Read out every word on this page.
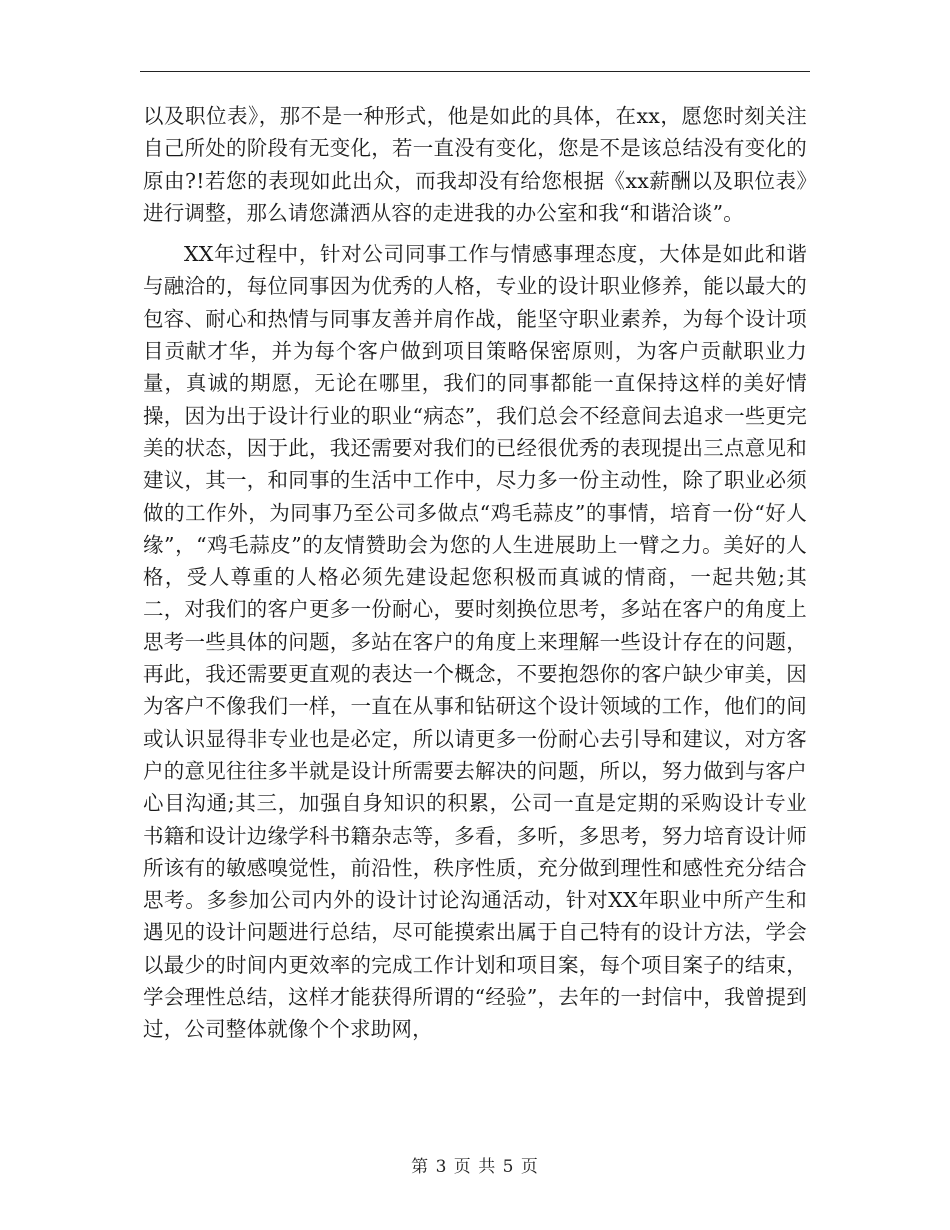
以及职位表》，那不是一种形式，他是如此的具体，在xx，愿您时刻关注自己所处的阶段有无变化，若一直没有变化，您是不是该总结没有变化的原由?!若您的表现如此出众，而我却没有给您根据《xx薪酬以及职位表》进行调整，那么请您潇洒从容的走进我的办公室和我“和谐洽谈”。

XX年过程中，针对公司同事工作与情感事理态度，大体是如此和谐与融洽的，每位同事因为优秀的人格，专业的设计职业修养，能以最大的包容、耐心和热情与同事友善并肩作战，能坚守职业素养，为每个设计项目贡献才华，并为每个客户做到项目策略保密原则，为客户贡献职业力量，真诚的期愿，无论在哪里，我们的同事都能一直保持这样的美好情操，因为出于设计行业的职业“病态”，我们总会不经意间去追求一些更完美的状态，因于此，我还需要对我们的已经很优秀的表现提出三点意见和建议，其一，和同事的生活中工作中，尽力多一份主动性，除了职业必须做的工作外，为同事乃至公司多做点“鸡毛蒜皮”的事情，培育一份“好人缘”，“鸡毛蒜皮”的友情赞助会为您的人生进展助上一臂之力。美好的人格，受人尊重的人格必须先建设起您积极而真诚的情商，一起共勉;其二，对我们的客户更多一份耐心，要时刻换位思考，多站在客户的角度上思考一些具体的问题，多站在客户的角度上来理解一些设计存在的问题，再此，我还需要更直观的表达一个概念，不要抱怨你的客户缺少审美，因为客户不像我们一样，一直在从事和钻研这个设计领域的工作，他们的间或认识显得非专业也是必定，所以请更多一份耐心去引导和建议，对方客户的意见往往多半就是设计所需要去解决的问题，所以，努力做到与客户心目沟通;其三，加强自身知识的积累，公司一直是定期的采购设计专业书籍和设计边缘学科书籍杂志等，多看，多听，多思考，努力培育设计师所该有的敏感嗅觉性，前沿性，秩序性质，充分做到理性和感性充分结合思考。多参加公司内外的设计讨论沟通活动，针对XX年职业中所产生和遇见的设计问题进行总结，尽可能摸索出属于自己特有的设计方法，学会以最少的时间内更效率的完成工作计划和项目案，每个项目案子的结束，学会理性总结，这样才能获得所谓的“经验”，去年的一封信中，我曾提到过，公司整体就像个个求助网，

第 3 页 共 5 页
